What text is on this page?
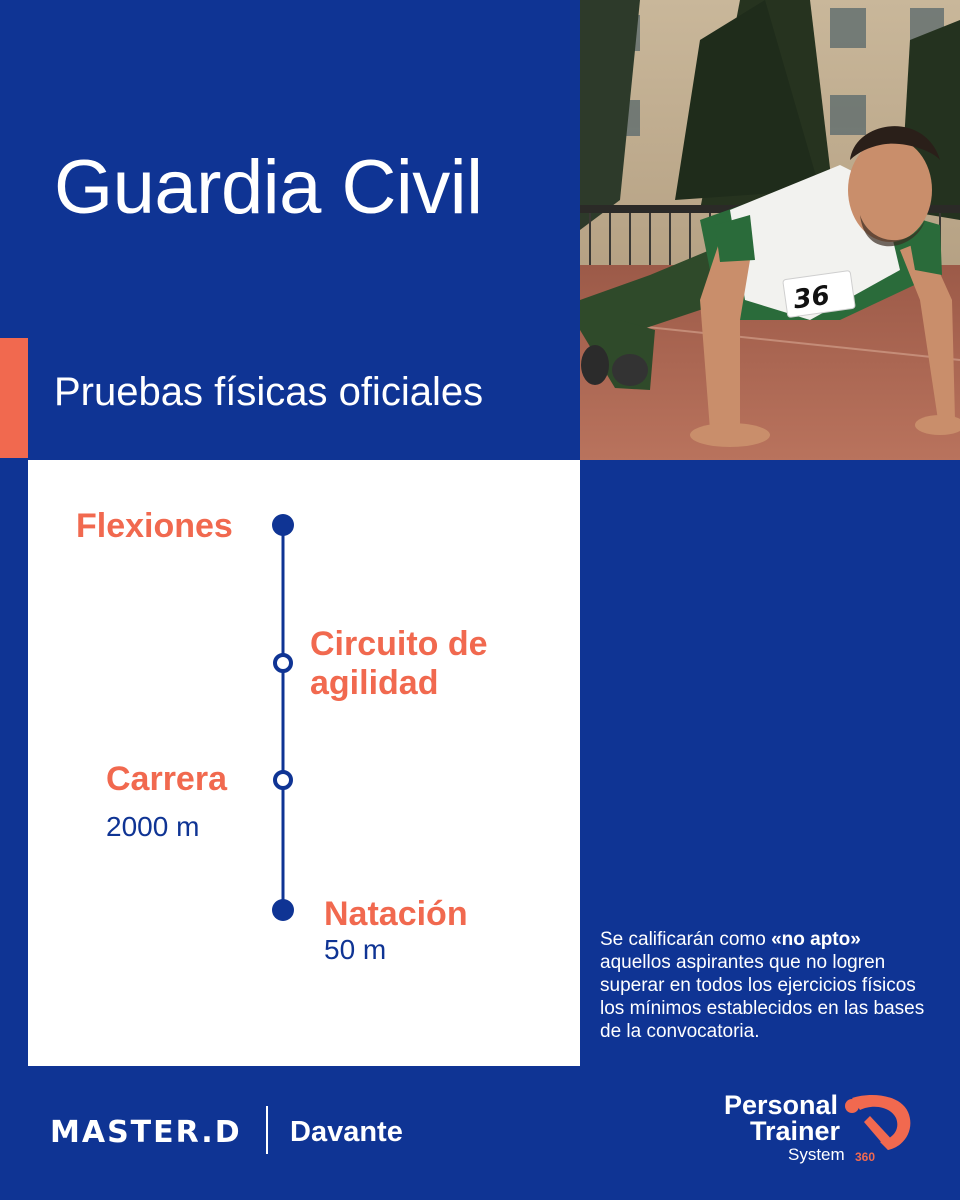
Guardia Civil
Pruebas físicas oficiales
36

Flexiones

Circuito de

agilidad

Carrera

2000 m

Natación

50 m	Se calificarán como «no apto» aquellos aspirantes que no logren superar en todos los ejercicios físicos los mínimos establecidos en las bases de la convocatoria.

MASTER.D Davante
Personal
Trainer
System 360
